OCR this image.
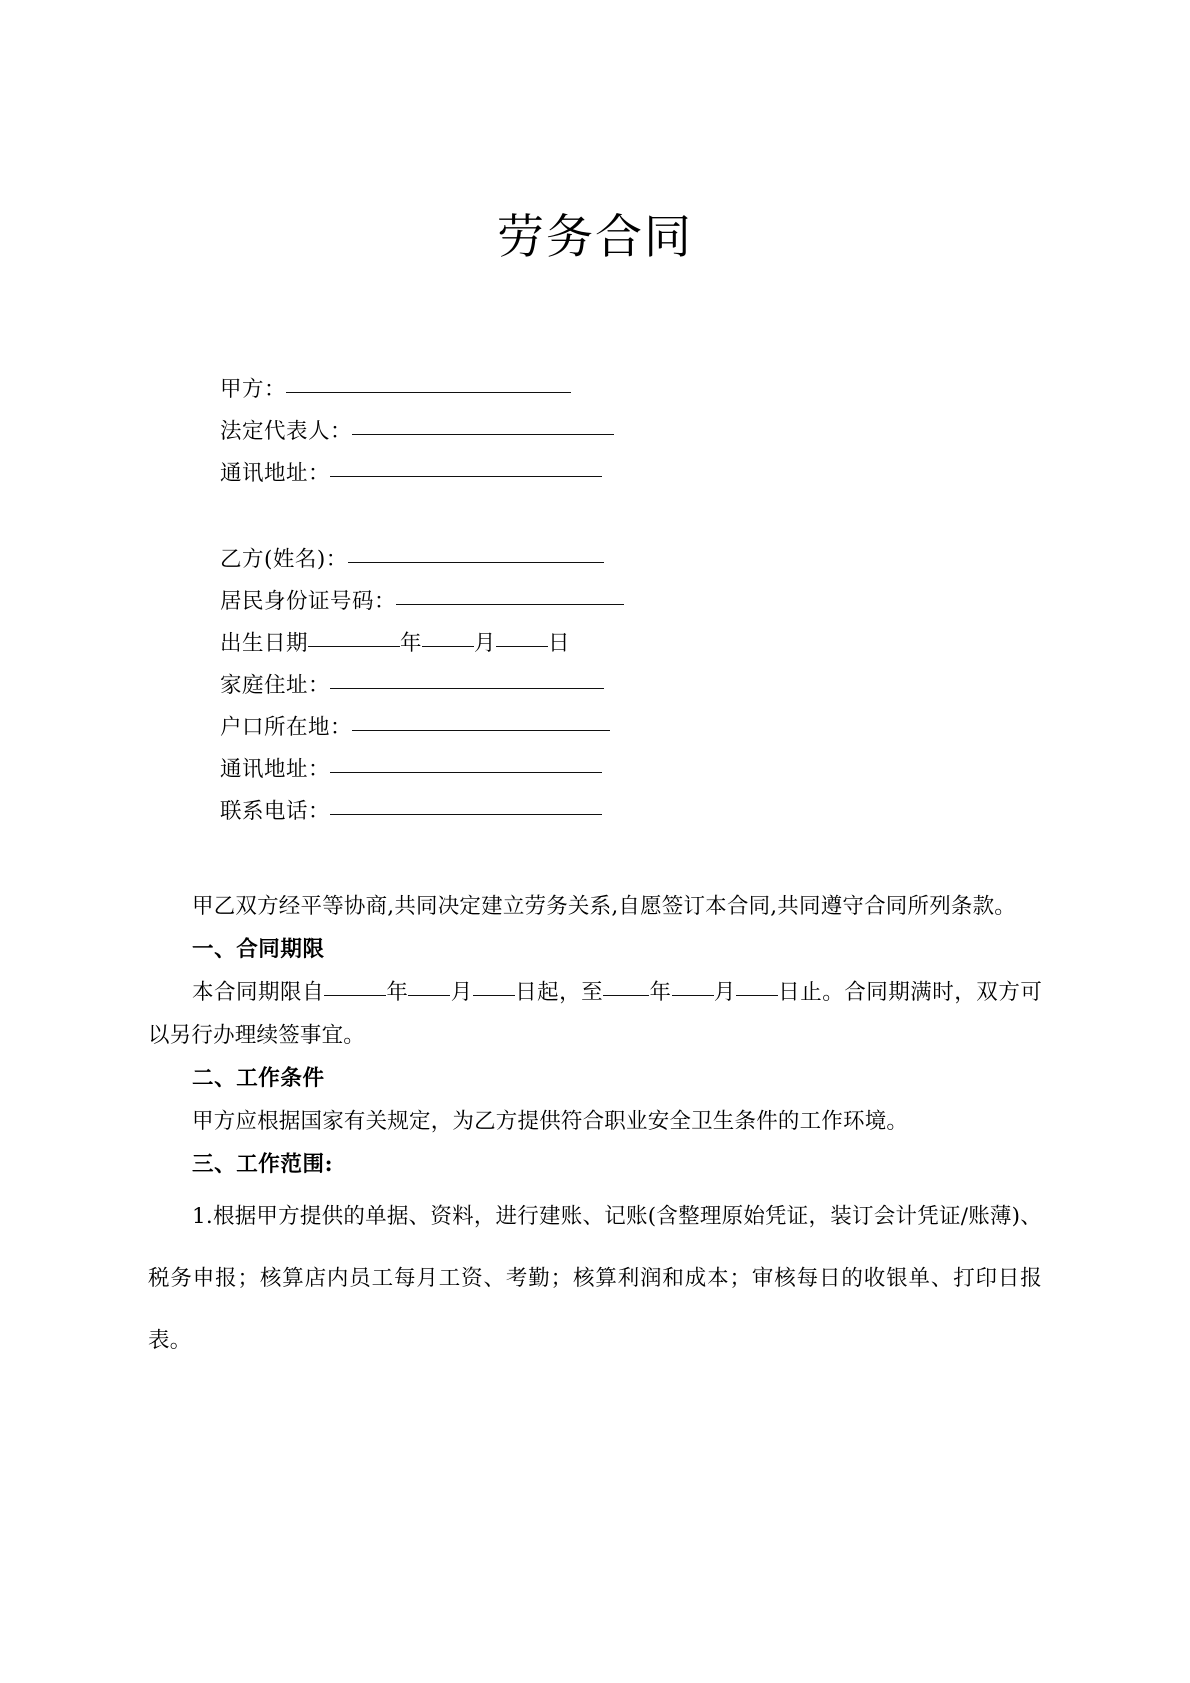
劳务合同
甲方：
法定代表人：
通讯地址：
乙方(姓名)：
居民身份证号码：
出生日期	年 月 日
家庭住址：
户口所在地：
通讯地址：
联系电话：

甲乙双方经平等协商,共同决定建立劳务关系,自愿签订本合同,共同遵守合同所列条款。

一、合同期限

本合同期限自	年 月 日起，至 年 月 日止。合同期满时，双方可以另行办理续签事宜。

二、工作条件

甲方应根据国家有关规定，为乙方提供符合职业安全卫生条件的工作环境。

三、工作范围:

1.根据甲方提供的单据、资料，进行建账、记账(含整理原始凭证，装订会计凭证/账薄)、税务申报；核算店内员工每月工资、考勤；核算利润和成本；审核每日的收银单、打印日报表。
